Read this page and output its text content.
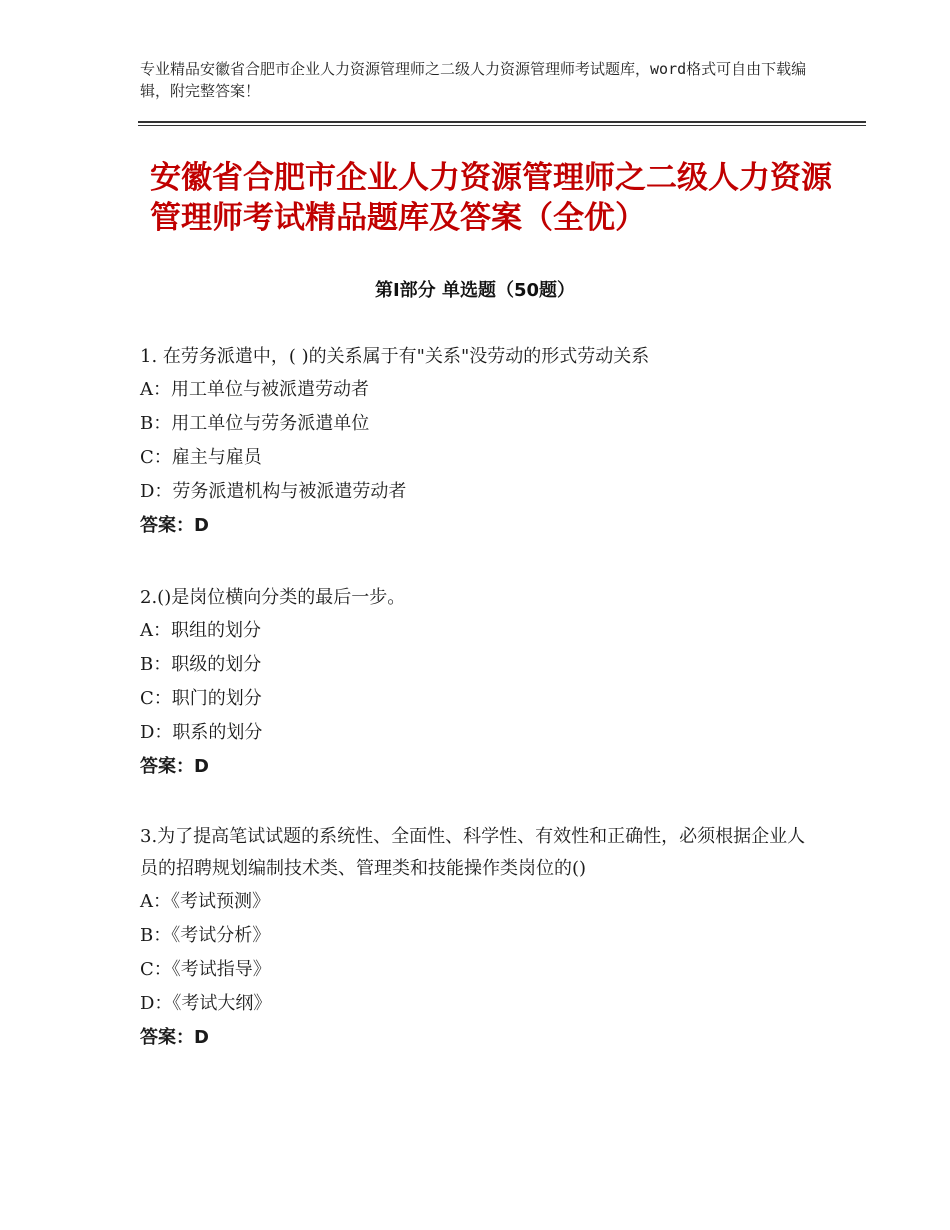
专业精品安徽省合肥市企业人力资源管理师之二级人力资源管理师考试题库，word格式可自由下载编辑，附完整答案！
安徽省合肥市企业人力资源管理师之二级人力资源管理师考试精品题库及答案（全优）
第Ⅰ部分 单选题（50题）

1. 在劳务派遣中，( )的关系属于有"关系"没劳动的形式劳动关系

A：用工单位与被派遣劳动者

B：用工单位与劳务派遣单位

C：雇主与雇员

D：劳务派遣机构与被派遣劳动者

答案：D

2.()是岗位横向分类的最后一步。

A：职组的划分

B：职级的划分

C：职门的划分

D：职系的划分

答案：D

3.为了提高笔试试题的系统性、全面性、科学性、有效性和正确性，必须根据企业人员的招聘规划编制技术类、管理类和技能操作类岗位的()

A：《考试预测》

B：《考试分析》

C：《考试指导》

D：《考试大纲》

答案：D
